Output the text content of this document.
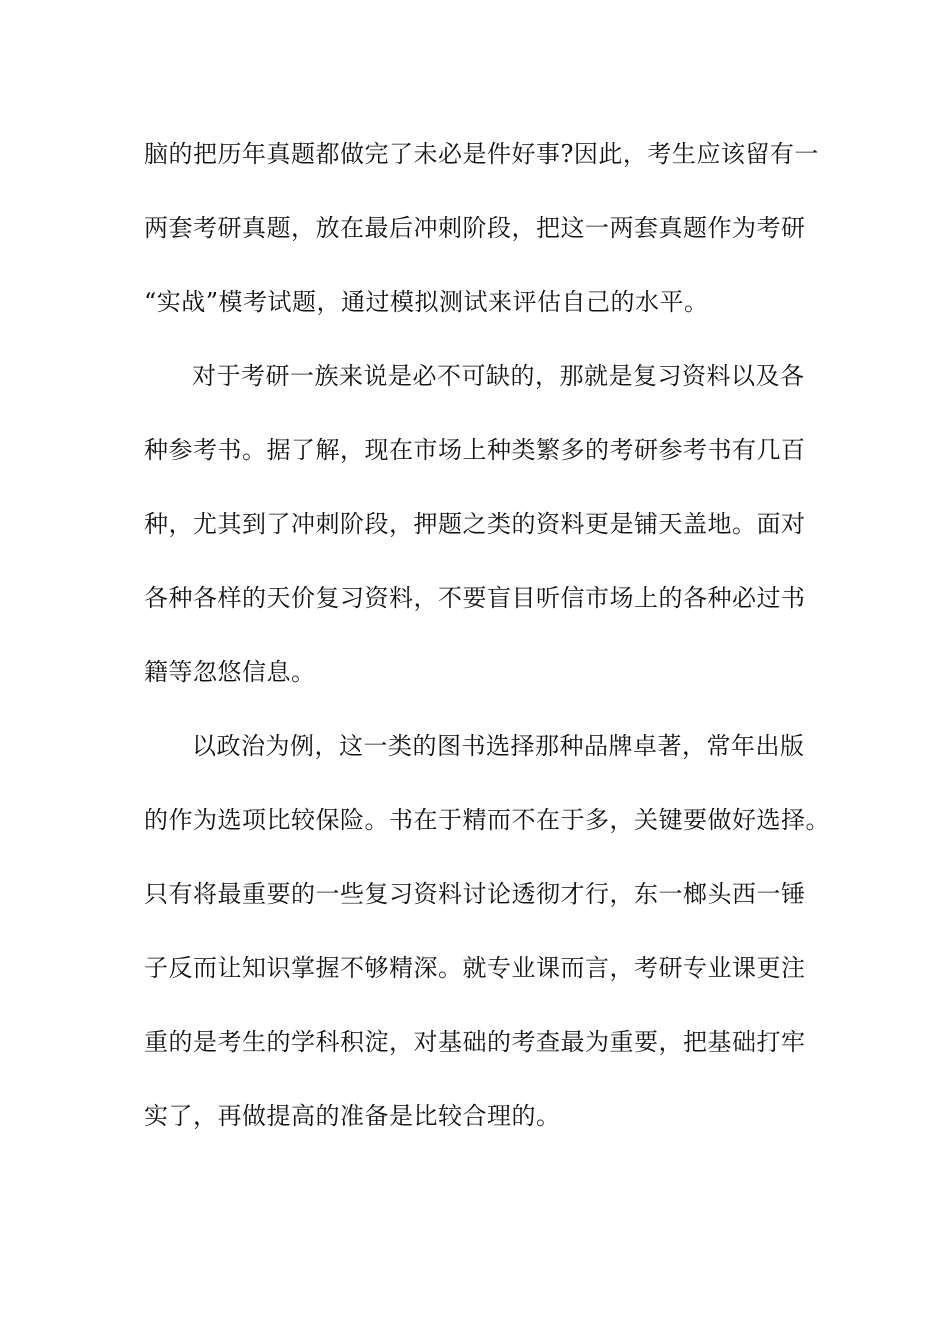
脑的把历年真题都做完了未必是件好事?因此，考生应该留有一
两套考研真题，放在最后冲刺阶段，把这一两套真题作为考研
“实战”模考试题，通过模拟测试来评估自己的水平。
对于考研一族来说是必不可缺的，那就是复习资料以及各
种参考书。据了解，现在市场上种类繁多的考研参考书有几百
种，尤其到了冲刺阶段，押题之类的资料更是铺天盖地。面对
各种各样的天价复习资料，不要盲目听信市场上的各种必过书
籍等忽悠信息。
以政治为例，这一类的图书选择那种品牌卓著，常年出版
的作为选项比较保险。书在于精而不在于多，关键要做好选择。
只有将最重要的一些复习资料讨论透彻才行，东一榔头西一锤
子反而让知识掌握不够精深。就专业课而言，考研专业课更注
重的是考生的学科积淀，对基础的考查最为重要，把基础打牢
实了，再做提高的准备是比较合理的。
